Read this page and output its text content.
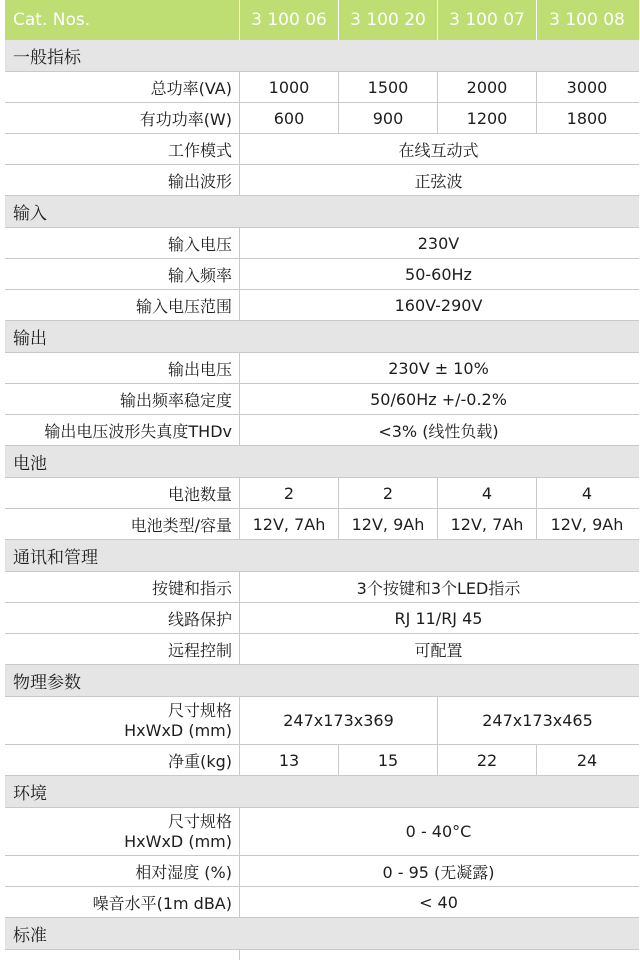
Cat. Nos.	3 100 06	3 100 20	3 100 07	3 100 08
一般指标
总功率(VA)	1000	1500	2000	3000
有功功率(W)	600	900	1200	1800
工作模式	在线互动式
输出波形	正弦波
输入
输入电压	230V
输入频率	50-60Hz
输入电压范围	160V-290V
输出
输出电压	230V ± 10%
输出频率稳定度	50/60Hz +/-0.2%
输出电压波形失真度THDv	<3% (线性负载)
电池
电池数量	2	2	4	4
电池类型/容量	12V, 7Ah	12V, 9Ah	12V, 7Ah	12V, 9Ah
通讯和管理
按键和指示	3个按键和3个LED指示
线路保护	RJ 11/RJ 45
远程控制	可配置
物理参数
尺寸规格
HxWxD (mm)	247x173x369	247x173x465
净重(kg)	13	15	22	24
环境
尺寸规格
HxWxD (mm)	0 - 40°C
相对湿度 (%)	0 - 95 (无凝露)
噪音水平(1m dBA)	< 40
标准
